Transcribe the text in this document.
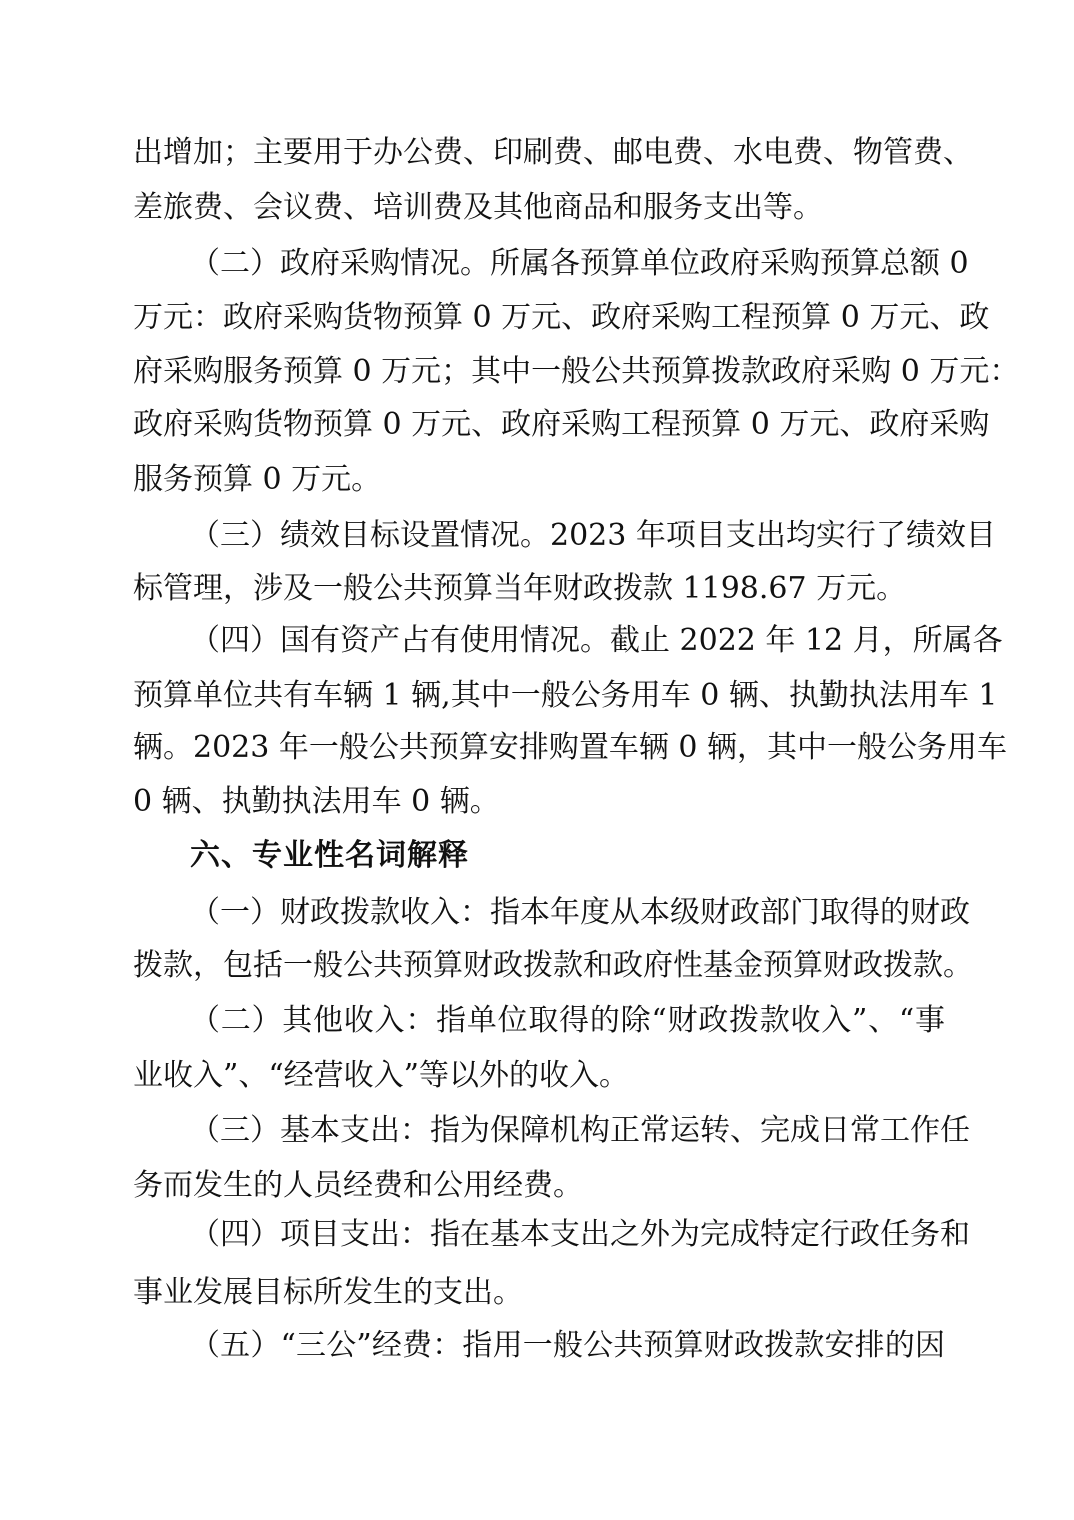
出增加；主要用于办公费、印刷费、邮电费、水电费、物管费、
差旅费、会议费、培训费及其他商品和服务支出等。
（二）政府采购情况。所属各预算单位政府采购预算总额 0
万元：政府采购货物预算 0 万元、政府采购工程预算 0 万元、政
府采购服务预算 0 万元；其中一般公共预算拨款政府采购 0 万元：
政府采购货物预算 0 万元、政府采购工程预算 0 万元、政府采购
服务预算 0 万元。
（三）绩效目标设置情况。2023 年项目支出均实行了绩效目
标管理，涉及一般公共预算当年财政拨款 1198.67 万元。
（四）国有资产占有使用情况。截止 2022 年 12 月，所属各
预算单位共有车辆 1 辆,其中一般公务用车 0 辆、执勤执法用车 1
辆。2023 年一般公共预算安排购置车辆 0 辆，其中一般公务用车
0 辆、执勤执法用车 0 辆。
六、专业性名词解释
（一）财政拨款收入：指本年度从本级财政部门取得的财政
拨款，包括一般公共预算财政拨款和政府性基金预算财政拨款。
（二）其他收入：指单位取得的除“财政拨款收入”、“事
业收入”、“经营收入”等以外的收入。
（三）基本支出：指为保障机构正常运转、完成日常工作任
务而发生的人员经费和公用经费。
（四）项目支出：指在基本支出之外为完成特定行政任务和
事业发展目标所发生的支出。
（五）“三公”经费：指用一般公共预算财政拨款安排的因
